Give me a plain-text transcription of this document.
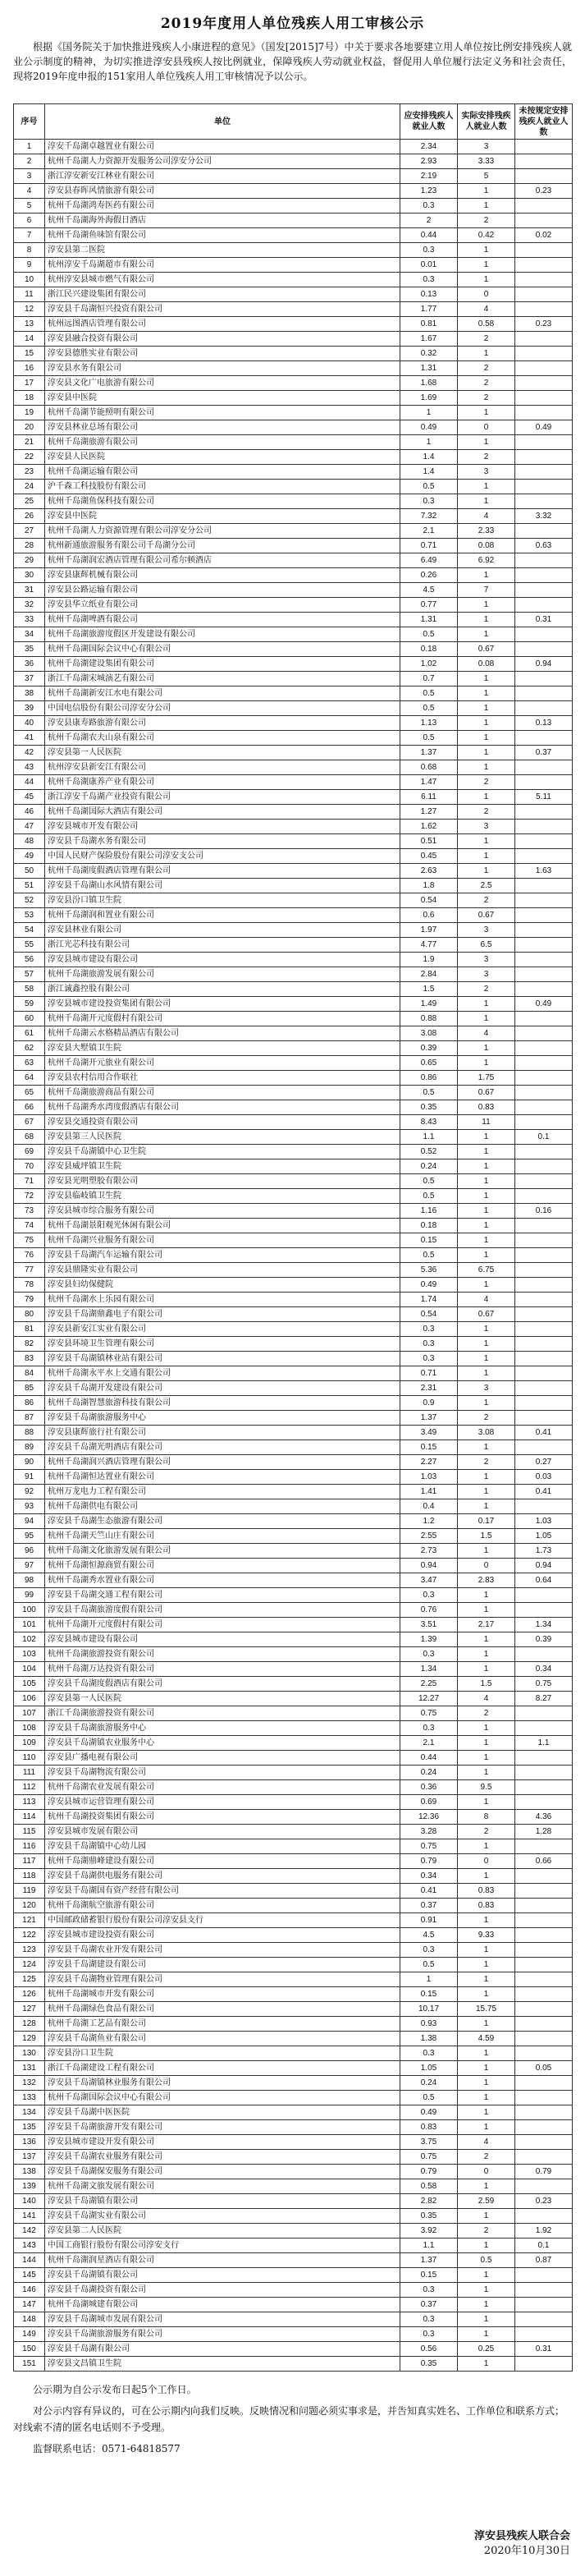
2019年度用人单位残疾人用工审核公示
根据《国务院关于加快推进残疾人小康进程的意见》（国发[2015]7号）中关于要求各地要建立用人单位按比例安排残疾人就业公示制度的精神，为切实推进淳安县残疾人按比例就业，保障残疾人劳动就业权益，督促用人单位履行法定义务和社会责任，现将2019年度申报的151家用人单位残疾人用工审核情况予以公示。
序号	单位	应安排残疾人就业人数	实际安排残疾人就业人数	未按规定安排残疾人就业人数
1	淳安千岛湖卓越置业有限公司	2.34	3	
2	杭州千岛湖人力资源开发服务公司淳安分公司	2.93	3.33	
3	浙江淳安新安江林业有限公司	2.19	5	
4	淳安县春晖风情旅游有限公司	1.23	1	0.23
5	杭州千岛湖鸿寿医药有限公司	0.3	1	
6	杭州千岛湖海外海假日酒店	2	2	
7	杭州千岛湖鱼味馆有限公司	0.44	0.42	0.02
8	淳安县第二医院	0.3	1	
9	杭州淳安千岛湖超市有限公司	0.01	1	
10	杭州淳安县城市燃气有限公司	0.3	1	
11	浙江民兴建设集团有限公司	0.13	0	
12	淳安县千岛湖恒兴投资有限公司	1.77	4	
13	杭州远图酒店管理有限公司	0.81	0.58	0.23
14	淳安县融合投资有限公司	1.67	2	
15	淳安县德胜实业有限公司	0.32	1	
16	淳安县水务有限公司	1.31	2	
17	淳安县文化广电旅游有限公司	1.68	2	
18	淳安县中医院	1.69	2	
19	杭州千岛湖节能照明有限公司	1	1	
20	淳安县林业总场有限公司	0.49	0	0.49
21	杭州千岛湖旅游有限公司	1	1	
22	淳安县人民医院	1.4	2	
23	杭州千岛湖运输有限公司	1.4	3	
24	沪千森工科技股份有限公司	0.5	1	
25	杭州千岛湖鱼保科技有限公司	0.3	1	
26	淳安县中医院	7.32	4	3.32
27	杭州千岛湖人力资源管理有限公司淳安分公司	2.1	2.33	
28	杭州新通旅游服务有限公司千岛湖分公司	0.71	0.08	0.63
29	杭州千岛湖润宏酒店管理有限公司希尔顿酒店	6.49	6.92	
30	淳安县康辉机械有限公司	0.26	1	
31	淳安县公路运输有限公司	4.5	7	
32	淳安县华立纸业有限公司	0.77	1	
33	杭州千岛湖啤酒有限公司	1.31	1	0.31
34	杭州千岛湖旅游度假区开发建设有限公司	0.5	1	
35	杭州千岛湖国际会议中心有限公司	0.18	0.67	
36	杭州千岛湖建设集团有限公司	1.02	0.08	0.94
37	浙江千岛湖宋城演艺有限公司	0.7	1	
38	杭州千岛湖新安江水电有限公司	0.5	1	
39	中国电信股份有限公司淳安分公司	0.5	1	
40	淳安县康寿路旅游有限公司	1.13	1	0.13
41	杭州千岛湖农夫山泉有限公司	0.5	1	
42	淳安县第一人民医院	1.37	1	0.37
43	杭州淳安县新安江有限公司	0.68	1	
44	杭州千岛湖康养产业有限公司	1.47	2	
45	浙江淳安千岛湖产业投资有限公司	6.11	1	5.11
46	杭州千岛湖国际大酒店有限公司	1.27	2	
47	淳安县城市开发有限公司	1.62	3	
48	淳安县千岛湖水务有限公司	0.51	1	
49	中国人民财产保险股份有限公司淳安支公司	0.45	1	
50	杭州千岛湖度假酒店管理有限公司	2.63	1	1.63
51	淳安县千岛湖山水风情有限公司	1.8	2.5	
52	淳安县汾口镇卫生院	0.54	2	
53	杭州千岛湖润和置业有限公司	0.6	0.67	
54	淳安县林业有限公司	1.97	3	
55	浙江光芯科技有限公司	4.77	6.5	
56	淳安县城市建设有限公司	1.9	3	
57	杭州千岛湖旅游发展有限公司	2.84	3	
58	浙江诚鑫控股有限公司	1.5	2	
59	淳安县城市建设投资集团有限公司	1.49	1	0.49
60	杭州千岛湖开元度假村有限公司	0.88	1	
61	杭州千岛湖云水格精品酒店有限公司	3.08	4	
62	淳安县大墅镇卫生院	0.39	1	
63	杭州千岛湖开元旅业有限公司	0.65	1	
64	淳安县农村信用合作联社	0.86	1.75	
65	杭州千岛湖旅游商品有限公司	0.5	0.67	
66	杭州千岛湖秀水湾度假酒店有限公司	0.35	0.83	
67	淳安县交通投资有限公司	8.43	11	
68	淳安县第三人民医院	1.1	1	0.1
69	淳安县千岛湖镇中心卫生院	0.52	1	
70	淳安县威坪镇卫生院	0.24	1	
71	淳安县光明塑胶有限公司	0.5	1	
72	淳安县临岐镇卫生院	0.5	1	
73	淳安县城市综合服务有限公司	1.16	1	0.16
74	杭州千岛湖景阳观光休闲有限公司	0.18	1	
75	杭州千岛湖兴业服务有限公司	0.15	1	
76	淳安县千岛湖汽车运输有限公司	0.5	1	
77	淳安县鼎隆实业有限公司	5.36	6.75	
78	淳安县妇幼保健院	0.49	1	
79	杭州千岛湖水上乐园有限公司	1.74	4	
80	淳安县千岛湖鼎鑫电子有限公司	0.54	0.67	
81	淳安县新安江实业有限公司	0.3	1	
82	淳安县环境卫生管理有限公司	0.3	1	
83	淳安县千岛湖镇林业站有限公司	0.3	1	
84	杭州千岛湖永平水上交通有限公司	0.71	1	
85	淳安县千岛湖开发建设有限公司	2.31	3	
86	杭州千岛湖智慧旅游科技有限公司	0.9	1	
87	淳安县千岛湖旅游服务中心	1.37	2	
88	淳安县康辉旅行社有限公司	3.49	3.08	0.41
89	淳安县千岛湖光明酒店有限公司	0.15	1	
90	杭州千岛湖润兴酒店管理有限公司	2.27	2	0.27
91	杭州千岛湖恒达置业有限公司	1.03	1	0.03
92	杭州万龙电力工程有限公司	1.41	1	0.41
93	杭州千岛湖供电有限公司	0.4	1	
94	淳安县千岛湖生态旅游有限公司	1.2	0.17	1.03
95	杭州千岛湖天竺山庄有限公司	2.55	1.5	1.05
96	杭州千岛湖文化旅游发展有限公司	2.73	1	1.73
97	杭州千岛湖恒源商贸有限公司	0.94	0	0.94
98	杭州千岛湖秀水置业有限公司	3.47	2.83	0.64
99	淳安县千岛湖交通工程有限公司	0.3	1	
100	淳安县千岛湖旅游度假有限公司	0.76	1	
101	杭州千岛湖开元度假村有限公司	3.51	2.17	1.34
102	淳安县城市建设有限公司	1.39	1	0.39
103	杭州千岛湖旅游投资有限公司	0.3	1	
104	杭州千岛湖万达投资有限公司	1.34	1	0.34
105	淳安县千岛湖度假酒店有限公司	2.25	1.5	0.75
106	淳安县第一人民医院	12.27	4	8.27
107	浙江千岛湖旅游投资有限公司	0.75	2	
108	淳安县千岛湖旅游服务中心	0.3	1	
109	淳安县千岛湖镇农业服务中心	2.1	1	1.1
110	淳安县广播电视有限公司	0.44	1	
111	淳安县千岛湖物流有限公司	0.24	1	
112	杭州千岛湖农业发展有限公司	0.36	9.5	
113	淳安县城市运营管理有限公司	0.69	1	
114	杭州千岛湖投资集团有限公司	12.36	8	4.36
115	淳安县城市发展有限公司	3.28	2	1.28
116	淳安县千岛湖镇中心幼儿园	0.75	1	
117	杭州千岛湖鼎峰建设有限公司	0.79	0	0.66
118	淳安县千岛湖供电服务有限公司	0.34	1	
119	淳安县千岛湖国有资产经营有限公司	0.41	0.83	
120	杭州千岛湖航空旅游有限公司	0.37	0.83	
121	中国邮政储蓄银行股份有限公司淳安县支行	0.91	1	
122	淳安县城市建设投资有限公司	4.5	9.33	
123	淳安县千岛湖农业开发有限公司	0.3	1	
124	淳安县千岛湖建设有限公司	0.5	1	
125	淳安县千岛湖物业管理有限公司	1	1	
126	杭州千岛湖城市开发有限公司	0.15	1	
127	杭州千岛湖绿色食品有限公司	10.17	15.75	
128	杭州千岛湖工艺品有限公司	0.93	1	
129	淳安县千岛湖鱼业有限公司	1.38	4.59	
130	淳安县汾口卫生院	0.3	1	
131	浙江千岛湖建设工程有限公司	1.05	1	0.05
132	淳安县千岛湖镇林业服务有限公司	0.24	1	
133	杭州千岛湖国际会议中心有限公司	0.5	1	
134	淳安县千岛湖中医医院	0.49	1	
135	淳安县千岛湖旅游开发有限公司	0.83	1	
136	淳安县城市建设开发有限公司	3.75	4	
137	淳安县千岛湖农业服务有限公司	0.75	2	
138	淳安县千岛湖保安服务有限公司	0.79	0	0.79
139	杭州千岛湖文旅发展有限公司	0.58	1	
140	淳安县千岛湖镇有限公司	2.82	2.59	0.23
141	淳安县千岛湖实业有限公司	0.35	1	
142	淳安县第二人民医院	3.92	2	1.92
143	中国工商银行股份有限公司淳安支行	1.1	1	0.1
144	杭州千岛湖润星酒店有限公司	1.37	0.5	0.87
145	淳安县千岛湖镇有限公司	0.15	1	
146	淳安县千岛湖投资有限公司	0.3	1	
147	杭州千岛湖城建有限公司	0.37	1	
148	淳安县千岛湖城市发展有限公司	0.3	1	
149	淳安县千岛湖旅游服务有限公司	0.3	1	
150	淳安县千岛湖有限公司	0.56	0.25	0.31
151	淳安县文昌镇卫生院	0.35	1	

公示期为自公示发布日起5个工作日。

对公示内容有异议的，可在公示期内向我们反映。反映情况和问题必须实事求是，并告知真实姓名、工作单位和联系方式；对线索不清的匿名电话则不予受理。

监督联系电话：0571-64818577

淳安县残疾人联合会
2020年10月30日
